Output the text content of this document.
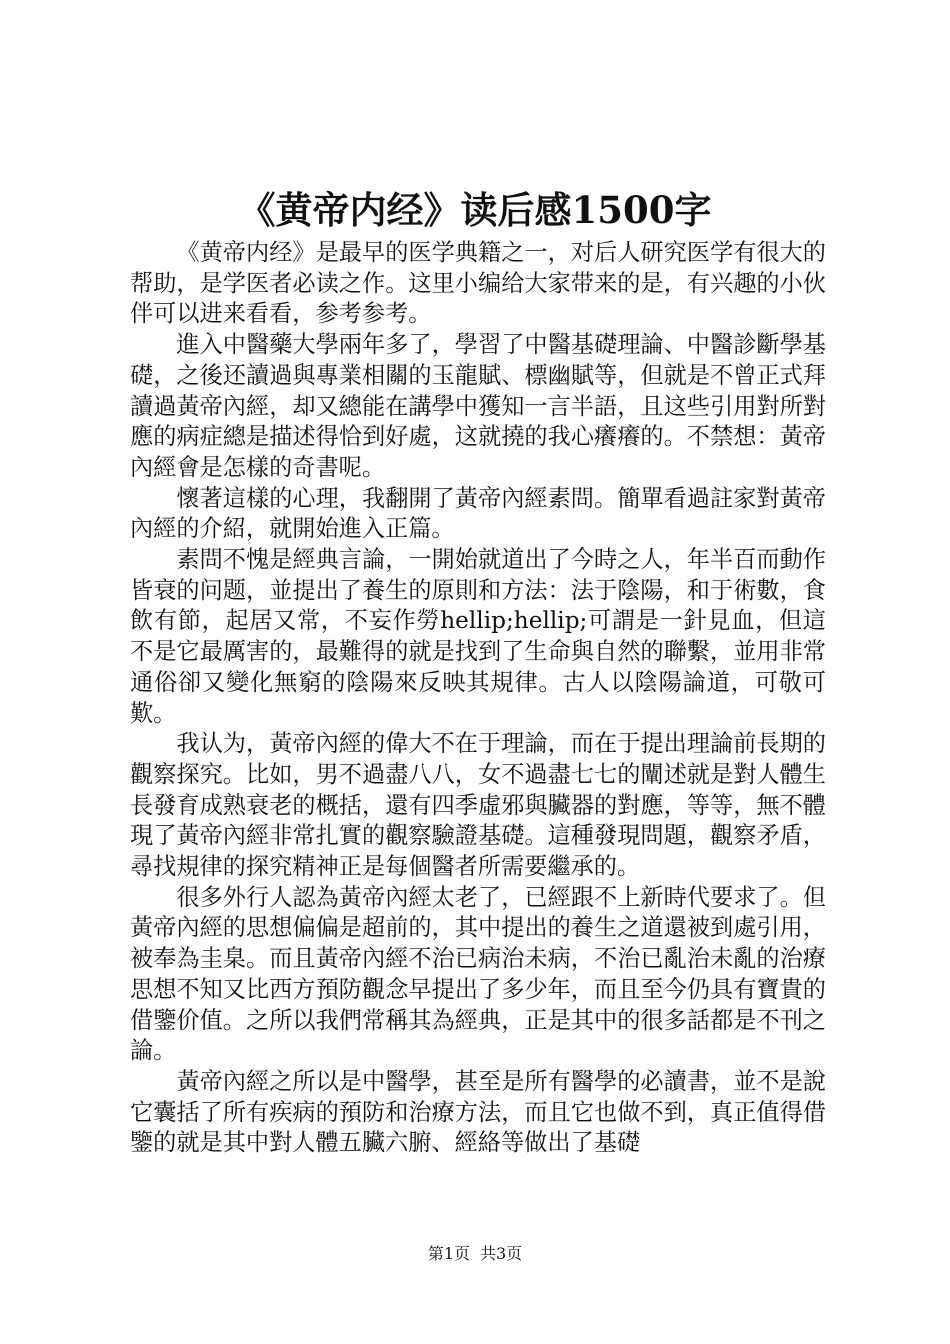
《黄帝内经》读后感1500字

《黄帝内经》是最早的医学典籍之一，对后人研究医学有很大的帮助，是学医者必读之作。这里小编给大家带来的是，有兴趣的小伙伴可以进来看看，参考参考。

進入中醫藥大學兩年多了，學習了中醫基礎理論、中醫診斷學基礎，之後还讀過與專業相關的玉龍賦、標幽賦等，但就是不曾正式拜讀過黃帝內經，却又總能在講學中獲知一言半語，且这些引用對所對應的病症總是描述得恰到好處，这就撓的我心癢癢的。不禁想：黃帝內經會是怎樣的奇書呢。

懷著這樣的心理，我翻開了黃帝內經素問。簡單看過註家對黃帝內經的介紹，就開始進入正篇。

素問不愧是經典言論，一開始就道出了今時之人，年半百而動作皆衰的问题，並提出了養生的原則和方法：法于陰陽，和于術數，食飲有節，起居又常，不妄作勞hellip;hellip;可謂是一針見血，但這不是它最厲害的，最難得的就是找到了生命與自然的聯繫，並用非常通俗卻又變化無窮的陰陽來反映其規律。古人以陰陽論道，可敬可歎。

我认为，黃帝內經的偉大不在于理論，而在于提出理論前長期的觀察探究。比如，男不過盡八八，女不過盡七七的闡述就是對人體生長發育成熟衰老的概括，還有四季虛邪與臟器的對應，等等，無不體現了黃帝內經非常扎實的觀察驗證基礎。這種發現問題，觀察矛盾，尋找規律的探究精神正是每個醫者所需要繼承的。

很多外行人認為黃帝內經太老了，已經跟不上新時代要求了。但黃帝內經的思想偏偏是超前的，其中提出的養生之道還被到處引用，被奉為圭臬。而且黃帝內經不治已病治未病，不治已亂治未亂的治療思想不知又比西方預防觀念早提出了多少年，而且至今仍具有寶貴的借鑒价值。之所以我們常稱其為經典，正是其中的很多話都是不刊之論。

黃帝內經之所以是中醫學，甚至是所有醫學的必讀書，並不是說它囊括了所有疾病的預防和治療方法，而且它也做不到，真正值得借鑒的就是其中對人體五臟六腑、經絡等做出了基礎

第1页 共3页
